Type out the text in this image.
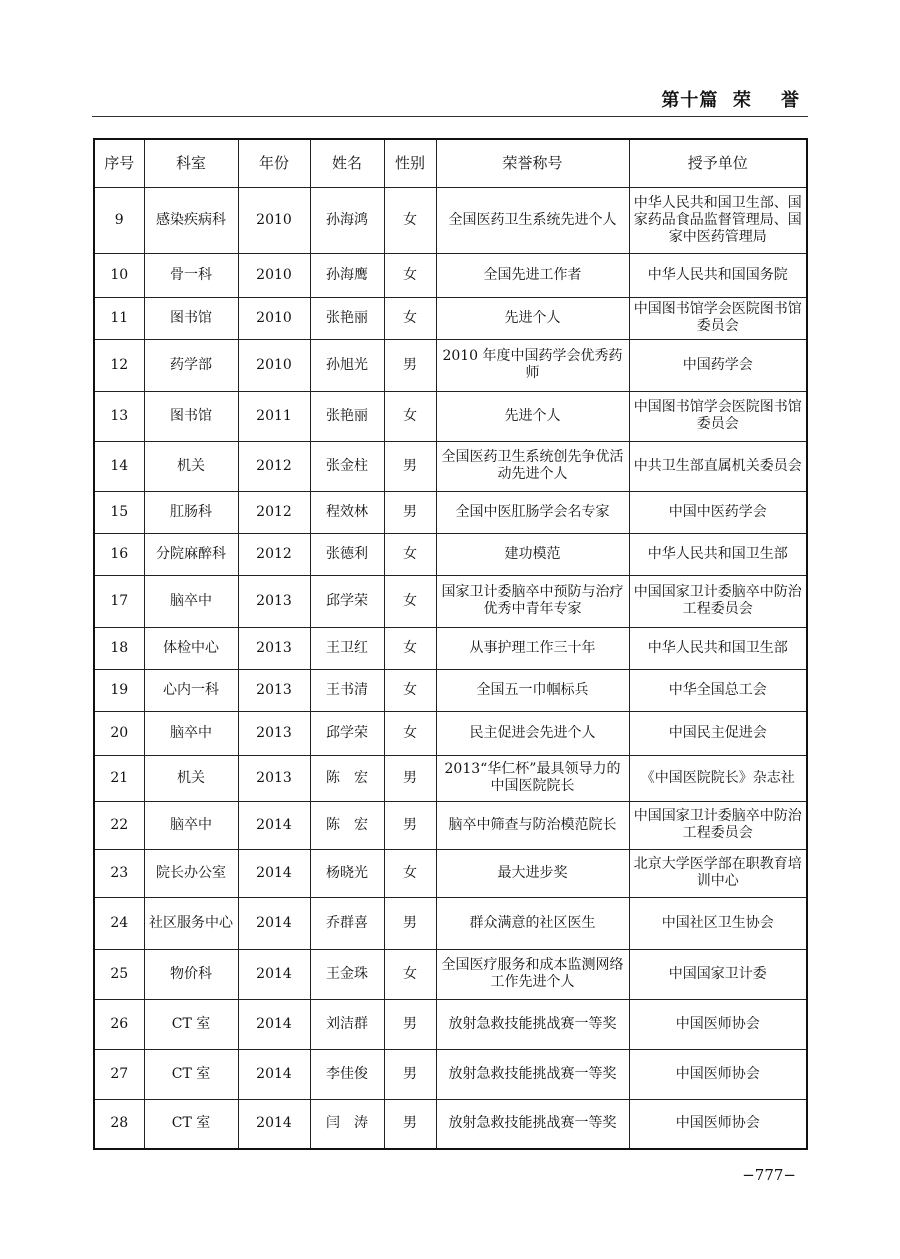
第十篇  荣    誉
序号	科室	年份	姓名	性别	荣誉称号	授予单位
9	感染疾病科	2010	孙海鸿	女	全国医药卫生系统先进个人	中华人民共和国卫生部、国家药品食品监督管理局、国家中医药管理局
10	骨一科	2010	孙海鹰	女	全国先进工作者	中华人民共和国国务院
11	图书馆	2010	张艳丽	女	先进个人	中国图书馆学会医院图书馆委员会
12	药学部	2010	孙旭光	男	2010 年度中国药学会优秀药师	中国药学会
13	图书馆	2011	张艳丽	女	先进个人	中国图书馆学会医院图书馆委员会
14	机关	2012	张金柱	男	全国医药卫生系统创先争优活动先进个人	中共卫生部直属机关委员会
15	肛肠科	2012	程效林	男	全国中医肛肠学会名专家	中国中医药学会
16	分院麻醉科	2012	张德利	女	建功模范	中华人民共和国卫生部
17	脑卒中	2013	邱学荣	女	国家卫计委脑卒中预防与治疗优秀中青年专家	中国国家卫计委脑卒中防治工程委员会
18	体检中心	2013	王卫红	女	从事护理工作三十年	中华人民共和国卫生部
19	心内一科	2013	王书清	女	全国五一巾帼标兵	中华全国总工会
20	脑卒中	2013	邱学荣	女	民主促进会先进个人	中国民主促进会
21	机关	2013	陈　宏	男	2013“华仁杯”最具领导力的中国医院院长	《中国医院院长》杂志社
22	脑卒中	2014	陈　宏	男	脑卒中筛查与防治模范院长	中国国家卫计委脑卒中防治工程委员会
23	院长办公室	2014	杨晓光	女	最大进步奖	北京大学医学部在职教育培训中心
24	社区服务中心	2014	乔群喜	男	群众满意的社区医生	中国社区卫生协会
25	物价科	2014	王金珠	女	全国医疗服务和成本监测网络工作先进个人	中国国家卫计委
26	CT 室	2014	刘洁群	男	放射急救技能挑战赛一等奖	中国医师协会
27	CT 室	2014	李佳俊	男	放射急救技能挑战赛一等奖	中国医师协会
28	CT 室	2014	闫　涛	男	放射急救技能挑战赛一等奖	中国医师协会
−777−
